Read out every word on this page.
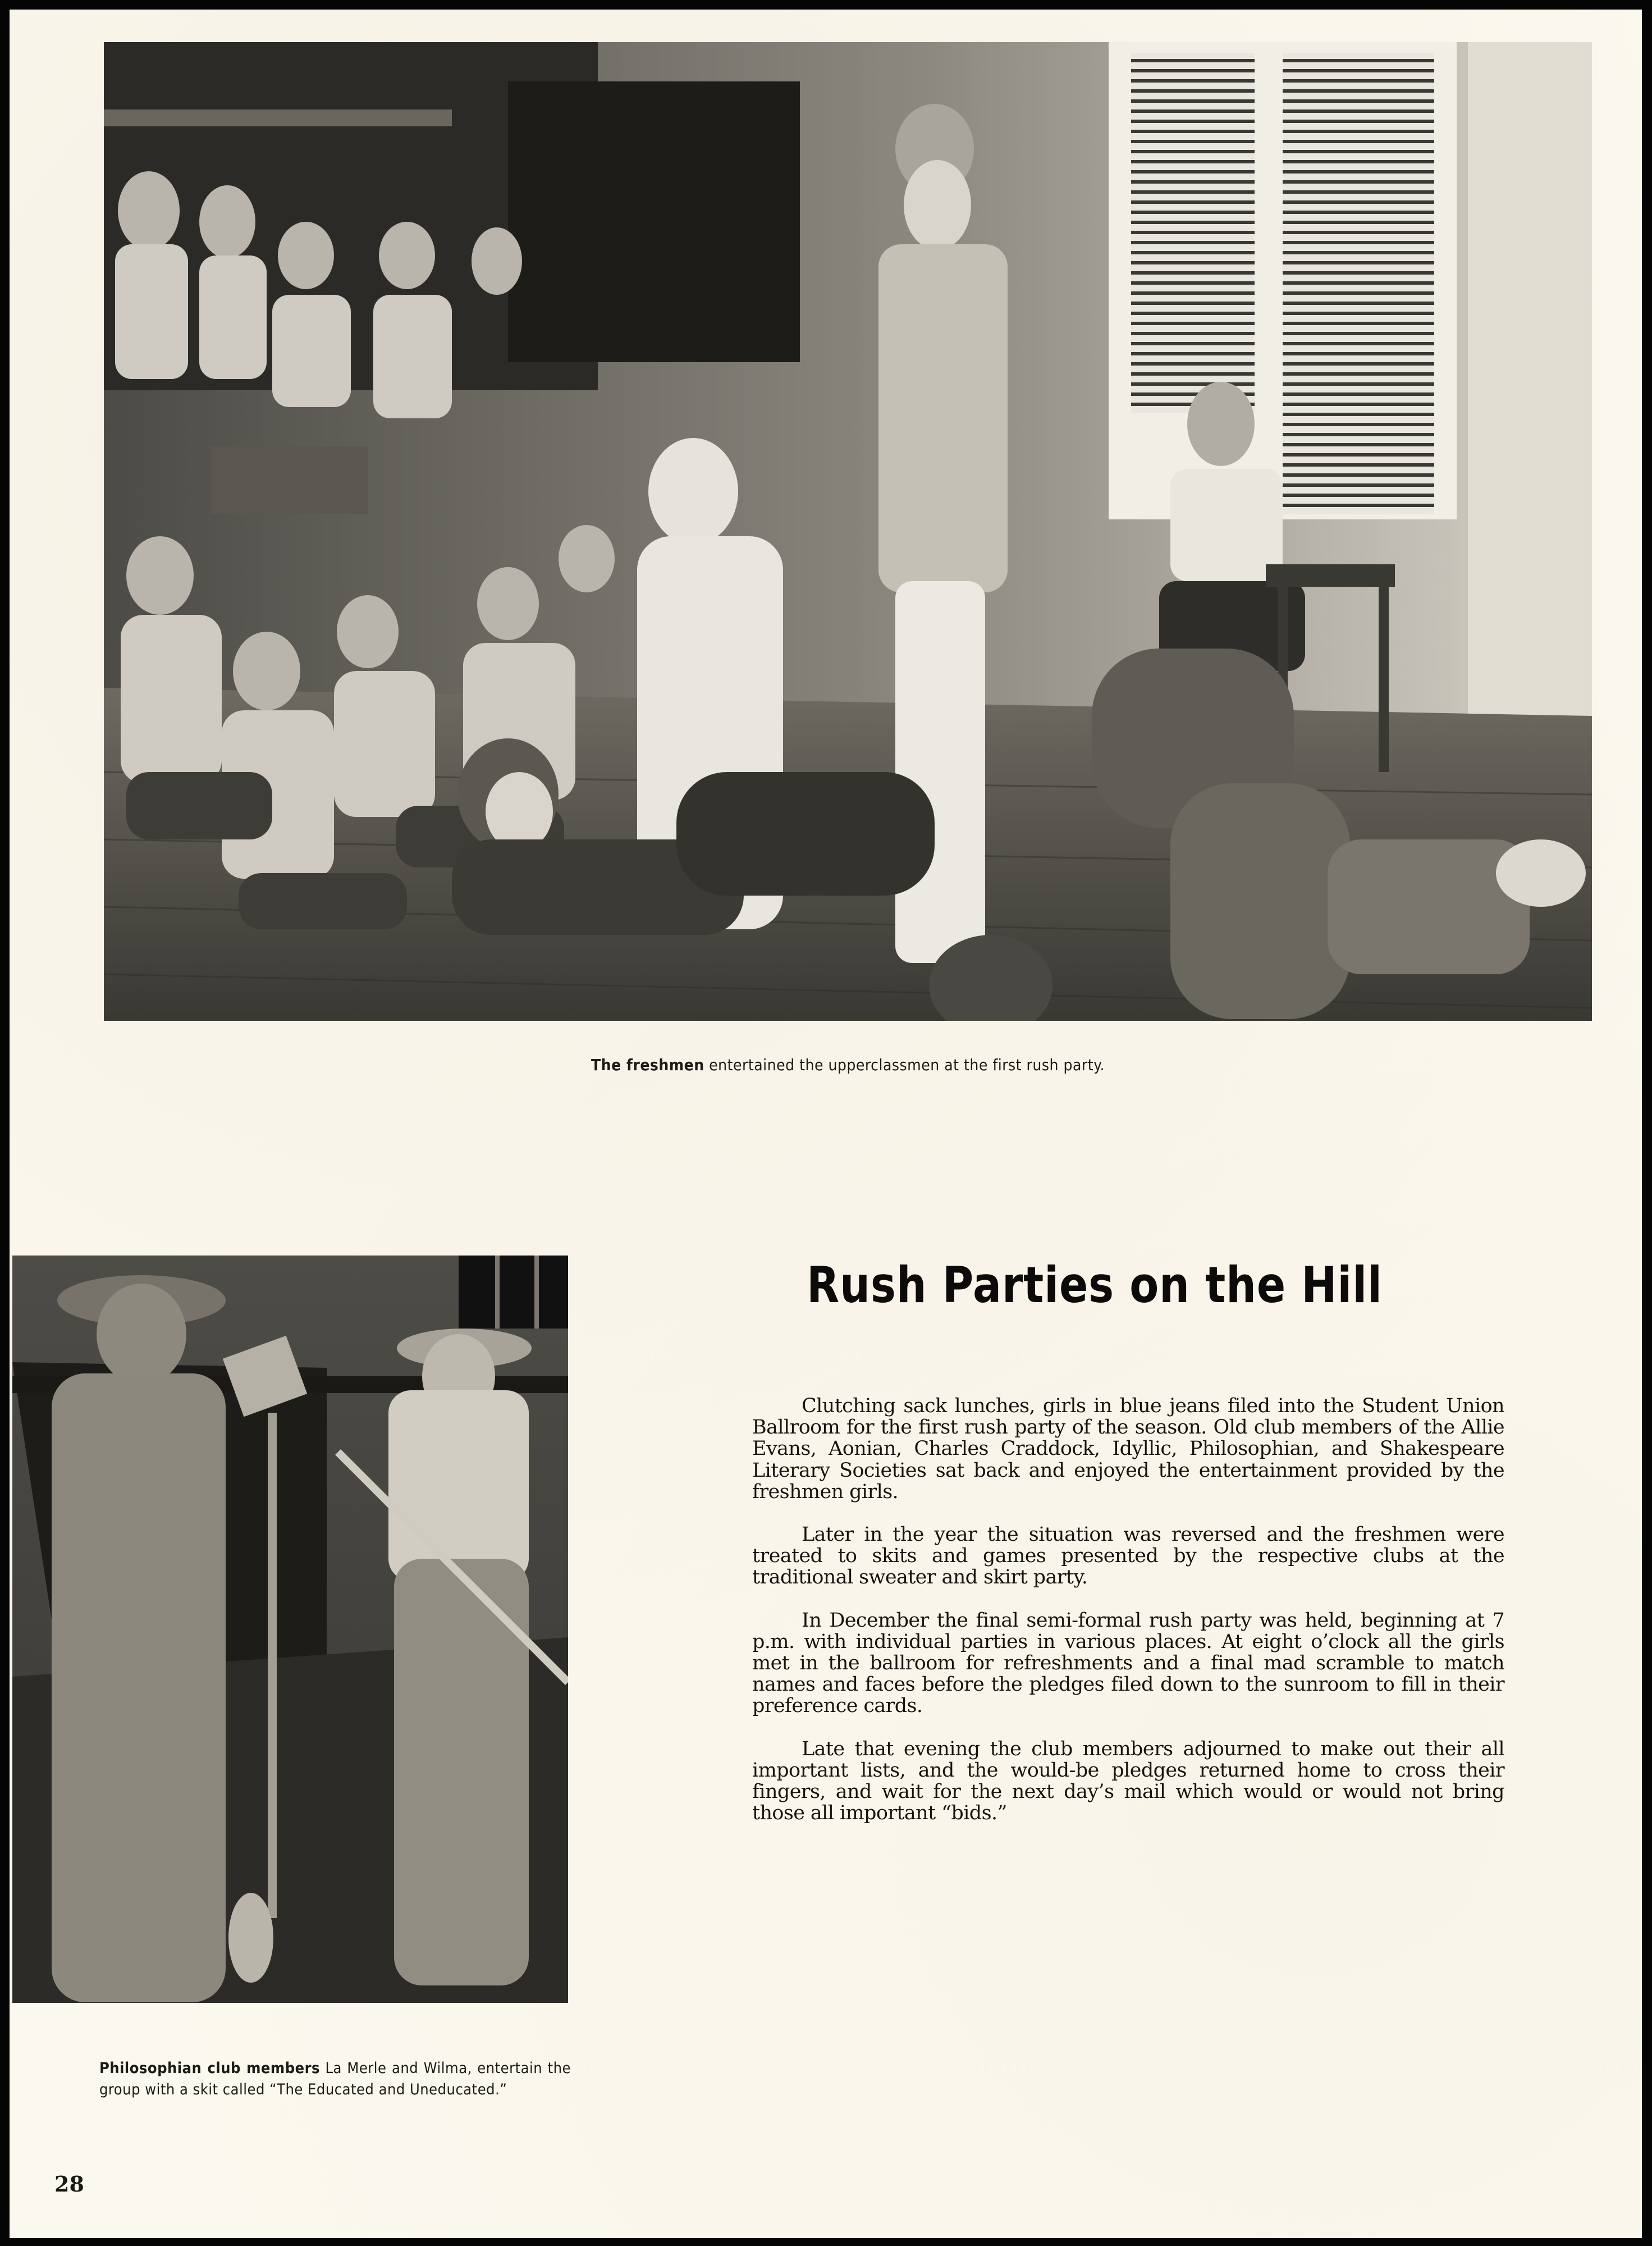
The freshmen entertained the upperclassmen at the first rush party.
Philosophian club members La Merle and Wilma, entertain the group with a skit called “The Educated and Uneducated.”
Rush Parties on the Hill

Clutching sack lunches, girls in blue jeans filed into the Student Union Ballroom for the first rush party of the season. Old club members of the Allie Evans, Aonian, Charles Craddock, Idyllic, Philosophian, and Shakespeare Literary Societies sat back and enjoyed the entertainment provided by the freshmen girls.

Later in the year the situation was reversed and the freshmen were treated to skits and games presented by the respective clubs at the traditional sweater and skirt party.

In December the final semi-formal rush party was held, beginning at 7 p.m. with individual parties in various places. At eight o’clock all the girls met in the ballroom for refreshments and a final mad scramble to match names and faces before the pledges filed down to the sunroom to fill in their preference cards.

Late that evening the club members adjourned to make out their all important lists, and the would-be pledges returned home to cross their fingers, and wait for the next day’s mail which would or would not bring those all important “bids.”

28
